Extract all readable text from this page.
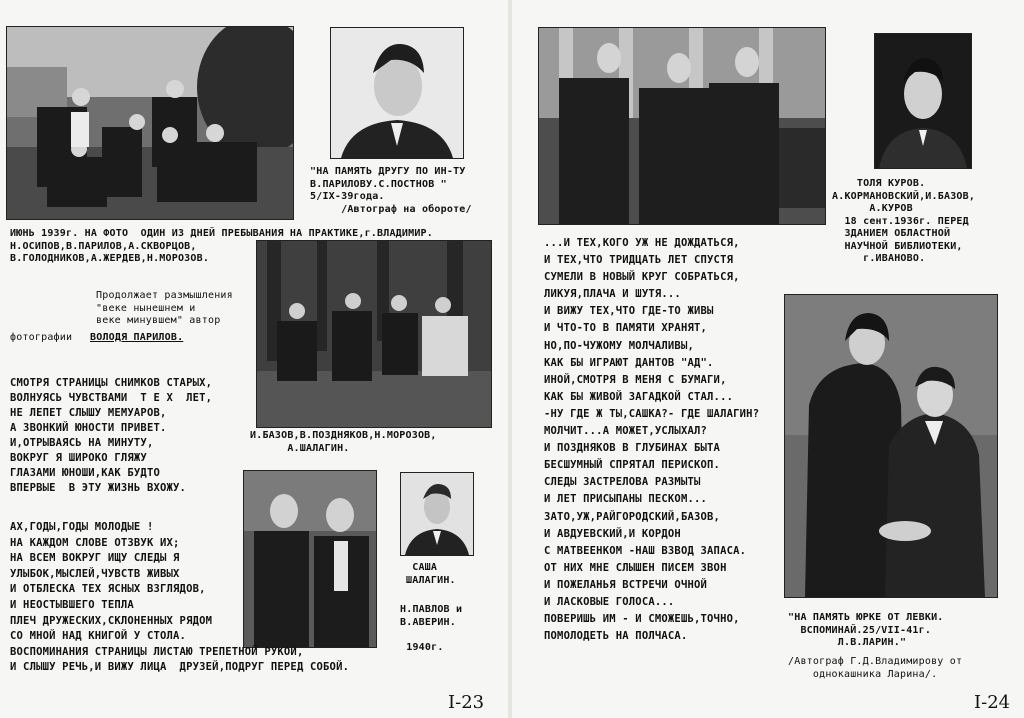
"НА ПАМЯТЬ ДРУГУ ПО ИН-ТУ
В.ПАРИЛОВУ.С.ПОСТНОВ "
5/IX-39года.
/Автограф на обороте/
ИЮНЬ 1939г. НА ФОТО  ОДИН ИЗ ДНЕЙ ПРЕБЫВАНИЯ НА ПРАКТИКЕ,г.ВЛАДИМИР.
Н.ОСИПОВ,В.ПАРИЛОВ,А.СКВОРЦОВ,
В.ГОЛОДНИКОВ,А.ЖЕРДЕВ,Н.МОРОЗОВ.
Продолжает размышления
"веке нынешнем и
веке минувшем" автор
фотографии ВОЛОДЯ ПАРИЛОВ.
И.БАЗОВ,В.ПОЗДНЯКОВ,Н.МОРОЗОВ,
А.ШАЛАГИН.
СМОТРЯ СТРАНИЦЫ СНИМКОВ СТАРЫХ,
ВОЛНУЯСЬ ЧУВСТВАМИ  Т Е Х  ЛЕТ,
НЕ ЛЕПЕТ СЛЫШУ МЕМУАРОВ,
А ЗВОНКИЙ ЮНОСТИ ПРИВЕТ.
И,ОТРЫВАЯСЬ НА МИНУТУ,
ВОКРУГ Я ШИРОКО ГЛЯЖУ
ГЛАЗАМИ ЮНОШИ,КАК БУДТО
ВПЕРВЫЕ  В ЭТУ ЖИЗНЬ ВХОЖУ.
САША
ШАЛАГИН.
Н.ПАВЛОВ и
В.АВЕРИН.

1940г.
АХ,ГОДЫ,ГОДЫ МОЛОДЫЕ !
НА КАЖДОМ СЛОВЕ ОТЗВУК ИХ;
НА ВСЕМ ВОКРУГ ИЩУ СЛЕДЫ Я
УЛЫБОК,МЫСЛЕЙ,ЧУВСТВ ЖИВЫХ
И ОТБЛЕСКА ТЕХ ЯСНЫХ ВЗГЛЯДОВ,
И НЕОСТЫВШЕГО ТЕПЛА
ПЛЕЧ ДРУЖЕСКИХ,СКЛОНЕННЫХ РЯДОМ
СО МНОЙ НАД КНИГОЙ У СТОЛА.
ВОСПОМИНАНИЯ СТРАНИЦЫ ЛИСТАЮ ТРЕПЕТНОЙ РУКОЙ,
И СЛЫШУ РЕЧЬ,И ВИЖУ ЛИЦА  ДРУЗЕЙ,ПОДРУГ ПЕРЕД СОБОЙ.
I-23
ТОЛЯ КУРОВ.
А.КОРМАНОВСКИЙ,И.БАЗОВ,
А.КУРОВ
18 сент.1936г. ПЕРЕД
ЗДАНИЕМ ОБЛАСТНОЙ
НАУЧНОЙ БИБЛИОТЕКИ,
г.ИВАНОВО.
...И ТЕХ,КОГО УЖ НЕ ДОЖДАТЬСЯ,
И ТЕХ,ЧТО ТРИДЦАТЬ ЛЕТ СПУСТЯ
СУМЕЛИ В НОВЫЙ КРУГ СОБРАТЬСЯ,
ЛИКУЯ,ПЛАЧА И ШУТЯ...
И ВИЖУ ТЕХ,ЧТО ГДЕ-ТО ЖИВЫ
И ЧТО-ТО В ПАМЯТИ ХРАНЯТ,
НО,ПО-ЧУЖОМУ МОЛЧАЛИВЫ,
КАК БЫ ИГРАЮТ ДАНТОВ "АД".
ИНОЙ,СМОТРЯ В МЕНЯ С БУМАГИ,
КАК БЫ ЖИВОЙ ЗАГАДКОЙ СТАЛ...
-НУ ГДЕ Ж ТЫ,САШКА?- ГДЕ ШАЛАГИН?
МОЛЧИТ...А МОЖЕТ,УСЛЫХАЛ?
И ПОЗДНЯКОВ В ГЛУБИНАХ БЫТА
БЕСШУМНЫЙ СПРЯТАЛ ПЕРИСКОП.
СЛЕДЫ ЗАСТРЕЛОВА РАЗМЫТЫ
И ЛЕТ ПРИСЫПАНЫ ПЕСКОМ...
ЗАТО,УЖ,РАЙГОРОДСКИЙ,БАЗОВ,
И АВДУЕВСКИЙ,И КОРДОН
С МАТВЕЕНКОМ -НАШ ВЗВОД ЗАПАСА.
ОТ НИХ МНЕ СЛЫШЕН ПИСЕМ ЗВОН
И ПОЖЕЛАНЬЯ ВСТРЕЧИ ОЧНОЙ
И ЛАСКОВЫЕ ГОЛОСА...
ПОВЕРИШЬ ИМ - И СМОЖЕШЬ,ТОЧНО,
ПОМОЛОДЕТЬ НА ПОЛЧАСА.
"НА ПАМЯТЬ ЮРКЕ ОТ ЛЕВКИ.
ВСПОМИНАЙ.25/VII-41г.
Л.В.ЛАРИН."
/Автограф Г.Д.Владимирову от
однокашника Ларина/.
I-24
